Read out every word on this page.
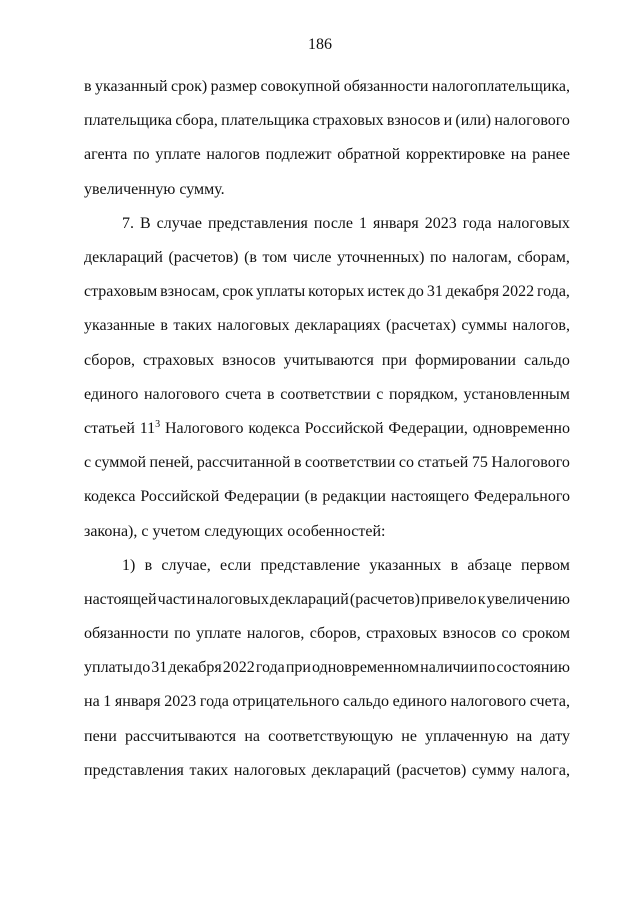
186
в указанный срок) размер совокупной обязанности налогоплательщика,
плательщика сбора, плательщика страховых взносов и (или) налогового
агента по уплате налогов подлежит обратной корректировке на ранее
увеличенную сумму.
7. В случае представления после 1 января 2023 года налоговых
деклараций (расчетов) (в том числе уточненных) по налогам, сборам,
страховым взносам, срок уплаты которых истек до 31 декабря 2022 года,
указанные в таких налоговых декларациях (расчетах) суммы налогов,
сборов, страховых взносов учитываются при формировании сальдо
единого налогового счета в соответствии с порядком, установленным
статьей $11^3$ Налогового кодекса Российской Федерации, одновременно
с суммой пеней, рассчитанной в соответствии со статьей 75 Налогового
кодекса Российской Федерации (в редакции настоящего Федерального
закона), с учетом следующих особенностей:
1) в случае, если представление указанных в абзаце первом
настоящей части налоговых деклараций (расчетов) привело к увеличению
обязанности по уплате налогов, сборов, страховых взносов со сроком
уплаты до 31 декабря 2022 года при одновременном наличии по состоянию
на 1 января 2023 года отрицательного сальдо единого налогового счета,
пени рассчитываются на соответствующую не уплаченную на дату
представления таких налоговых деклараций (расчетов) сумму налога,
